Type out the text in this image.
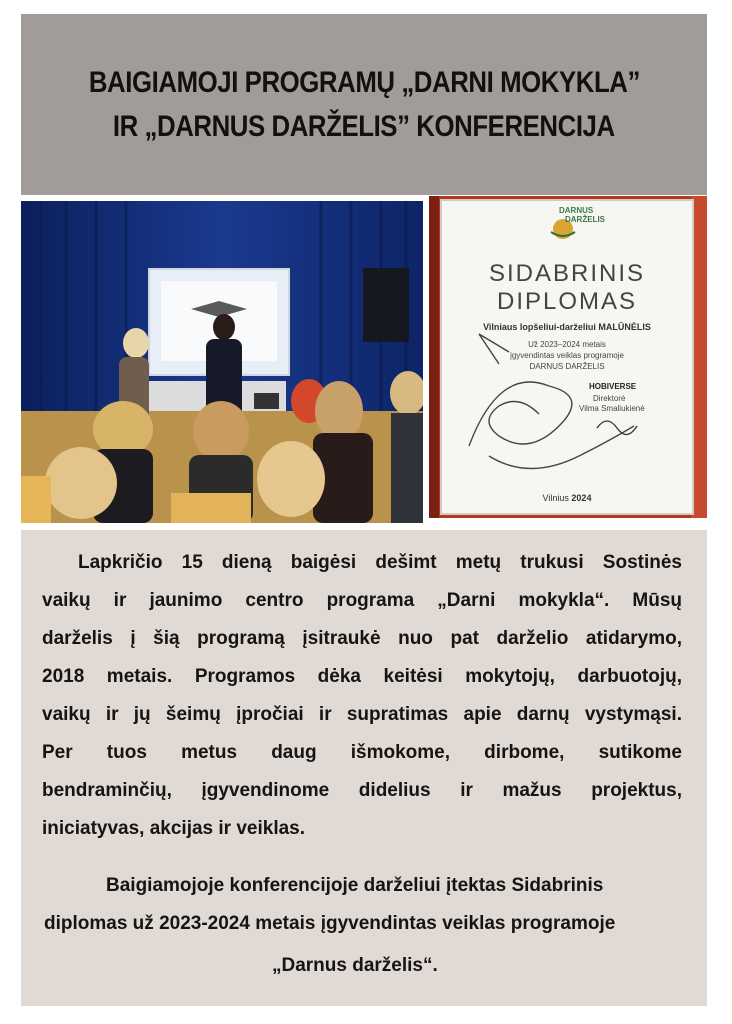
BAIGIAMOJI PROGRAMŲ „DARNI MOKYKLA”
IR „DARNUS DARŽELIS” KONFERENCIJA
DARNUS
DARŽELIS
SIDABRINIS
DIPLOMAS
Vilniaus lopšeliui-darželiui MALŪNĖLIS
Už 2023–2024 metais
įgyvendintas veiklas programoje
DARNUS DARŽELIS
HOBIVERSE
Direktorė
Vilma Smaliukienė
Vilnius 2024
Lapkričio 15 dieną baigėsi dešimt metų trukusi Sostinės
vaikų ir jaunimo centro programa „Darni mokykla“. Mūsų
darželis į šią programą įsitraukė nuo pat darželio atidarymo,
2018 metais. Programos dėka keitėsi mokytojų, darbuotojų,
vaikų ir jų šeimų įpročiai ir supratimas apie darnų vystymąsi.
Per tuos metus daug išmokome, dirbome, sutikome
bendraminčių, įgyvendinome didelius ir mažus projektus,
iniciatyvas, akcijas ir veiklas.
Baigiamojoje konferencijoje darželiui įtektas Sidabrinis
diplomas už 2023-2024 metais įgyvendintas veiklas programoje
„Darnus darželis“.
